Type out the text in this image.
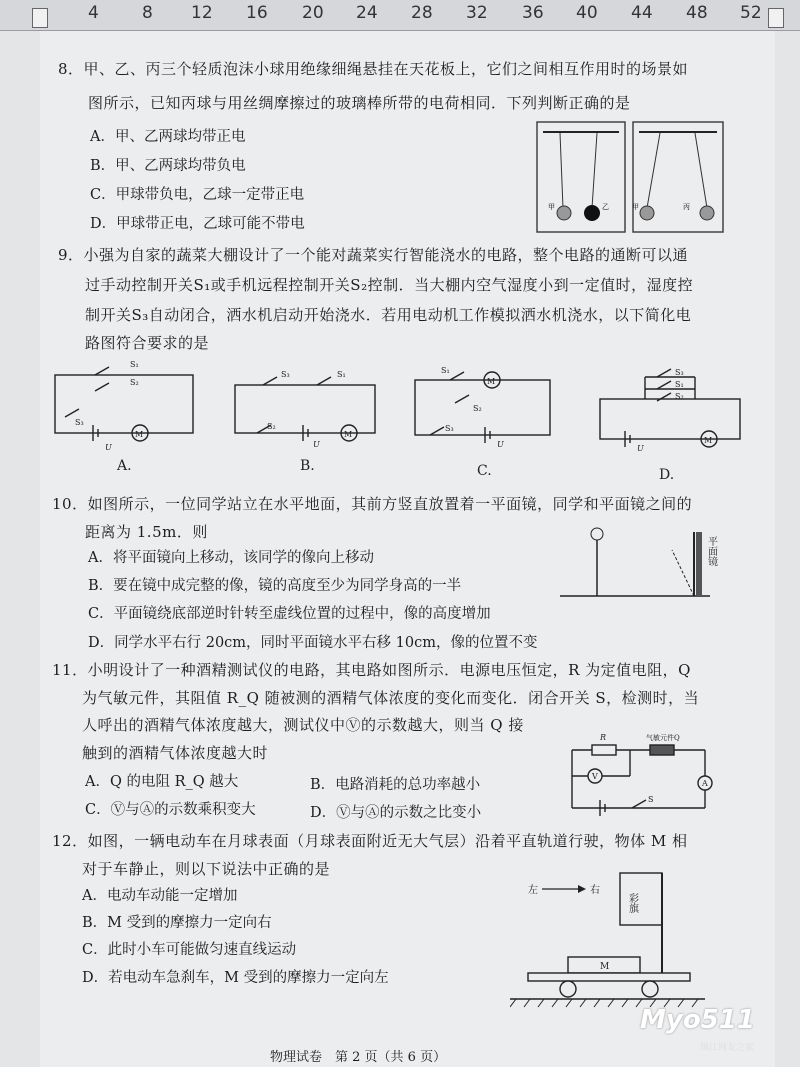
4	8 12 16 20 24 28 32 36 40 44 48 52
8．甲、乙、丙三个轻质泡沫小球用绝缘细绳悬挂在天花板上，它们之间相互作用时的场景如
图所示，已知丙球与用丝绸摩擦过的玻璃棒所带的电荷相同．下列判断正确的是
A．甲、乙两球均带正电
B．甲、乙两球均带负电
C．甲球带负电，乙球一定带正电
D．甲球带正电，乙球可能不带电
甲	乙	甲	丙
9．小强为自家的蔬菜大棚设计了一个能对蔬菜实行智能浇水的电路，整个电路的通断可以通
过手动控制开关S₁或手机远程控制开关S₂控制．当大棚内空气湿度小到一定值时，湿度控
制开关S₃自动闭合，洒水机启动开始浇水．若用电动机工作模拟洒水机浇水，以下简化电
路图符合要求的是
S₁
S₂
S₃
U
M
S₃	S₁
S₂
U
M
S₁
M
S₂
S₃
U
S₃
S₁
S₂
U
M
A.	B.	C.	D.
10．如图所示，一位同学站立在水平地面，其前方竖直放置着一平面镜，同学和平面镜之间的
距离为 1.5m．则
A．将平面镜向上移动，该同学的像向上移动
B．要在镜中成完整的像，镜的高度至少为同学身高的一半
C．平面镜绕底部逆时针转至虚线位置的过程中，像的高度增加
D．同学水平右行 20cm，同时平面镜水平右移 10cm，像的位置不变
平面镜
11．小明设计了一种酒精测试仪的电路，其电路如图所示．电源电压恒定，R 为定值电阻，Q
为气敏元件，其阻值 R_Q 随被测的酒精气体浓度的变化而变化．闭合开关 S，检测时，当
人呼出的酒精气体浓度越大，测试仪中Ⓥ的示数越大，则当 Q 接
触到的酒精气体浓度越大时
A．Q 的电阻 R_Q 越大	B．电路消耗的总功率越小
C．Ⓥ与Ⓐ的示数乘积变大	D．Ⓥ与Ⓐ的示数之比变小
R	气敏元件Q
V
A
S
12．如图，一辆电动车在月球表面（月球表面附近无大气层）沿着平直轨道行驶，物体 M 相
对于车静止，则以下说法中正确的是
A．电动车动能一定增加
B．M 受到的摩擦力一定向右
C．此时小车可能做匀速直线运动
D．若电动车急刹车，M 受到的摩擦力一定向左
左	右
彩旗
M
物理试卷　第 2 页（共 6 页）
Myo511
镇江网友之家
